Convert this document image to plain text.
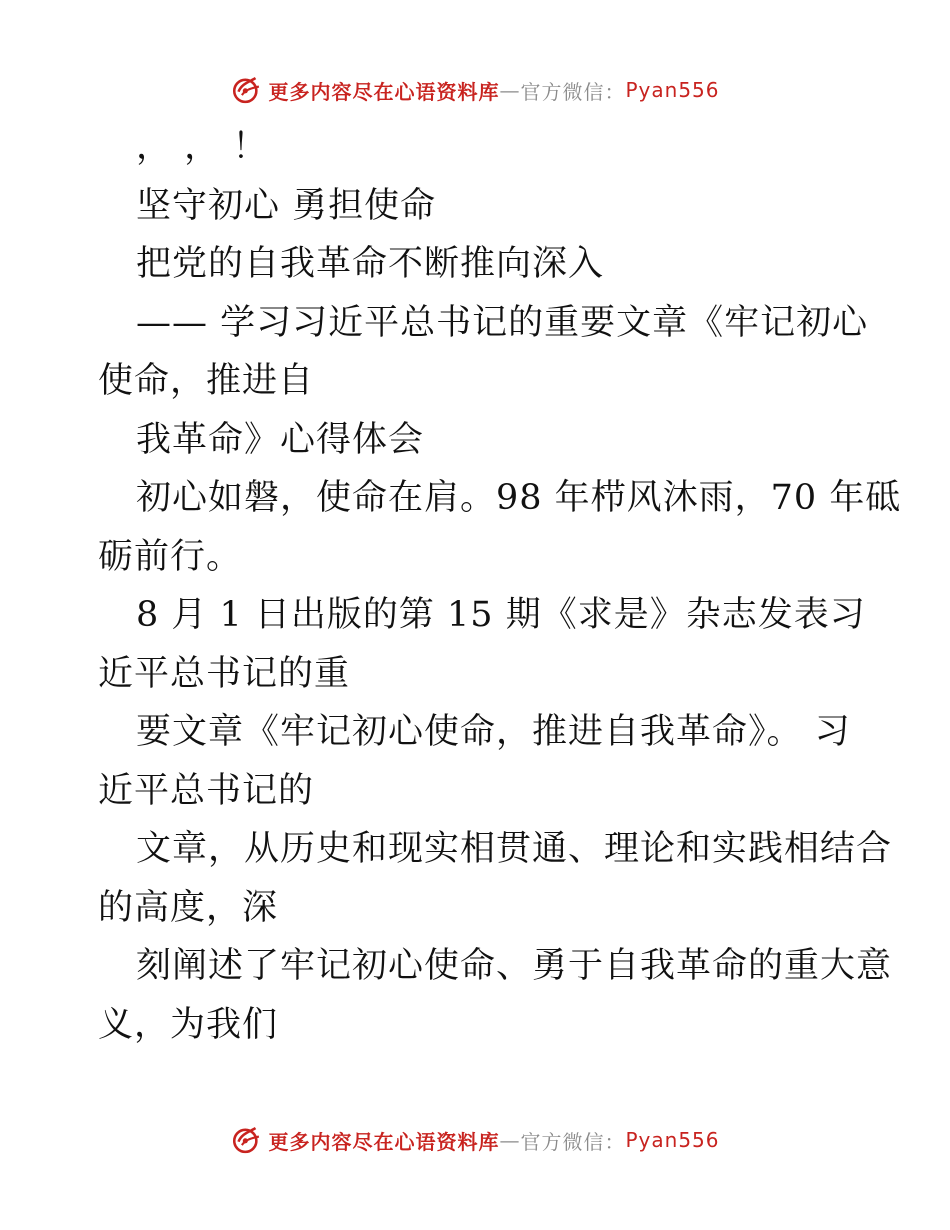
更多内容尽在心语资料库 — 官方微信： Pyan556
， ， ！
坚守初心 勇担使命
把党的自我革命不断推向深入
—— 学习习近平总书记的重要文章《牢记初心
使命，推进自
我革命》心得体会
初心如磐，使命在肩。98 年栉风沐雨，70 年砥
砺前行。
8 月 1 日出版的第 15 期《求是》杂志发表习
近平总书记的重
要文章《牢记初心使命，推进自我革命》。 习
近平总书记的
文章，从历史和现实相贯通、理论和实践相结合
的高度，深
刻阐述了牢记初心使命、勇于自我革命的重大意
义，为我们
更多内容尽在心语资料库 — 官方微信： Pyan556
